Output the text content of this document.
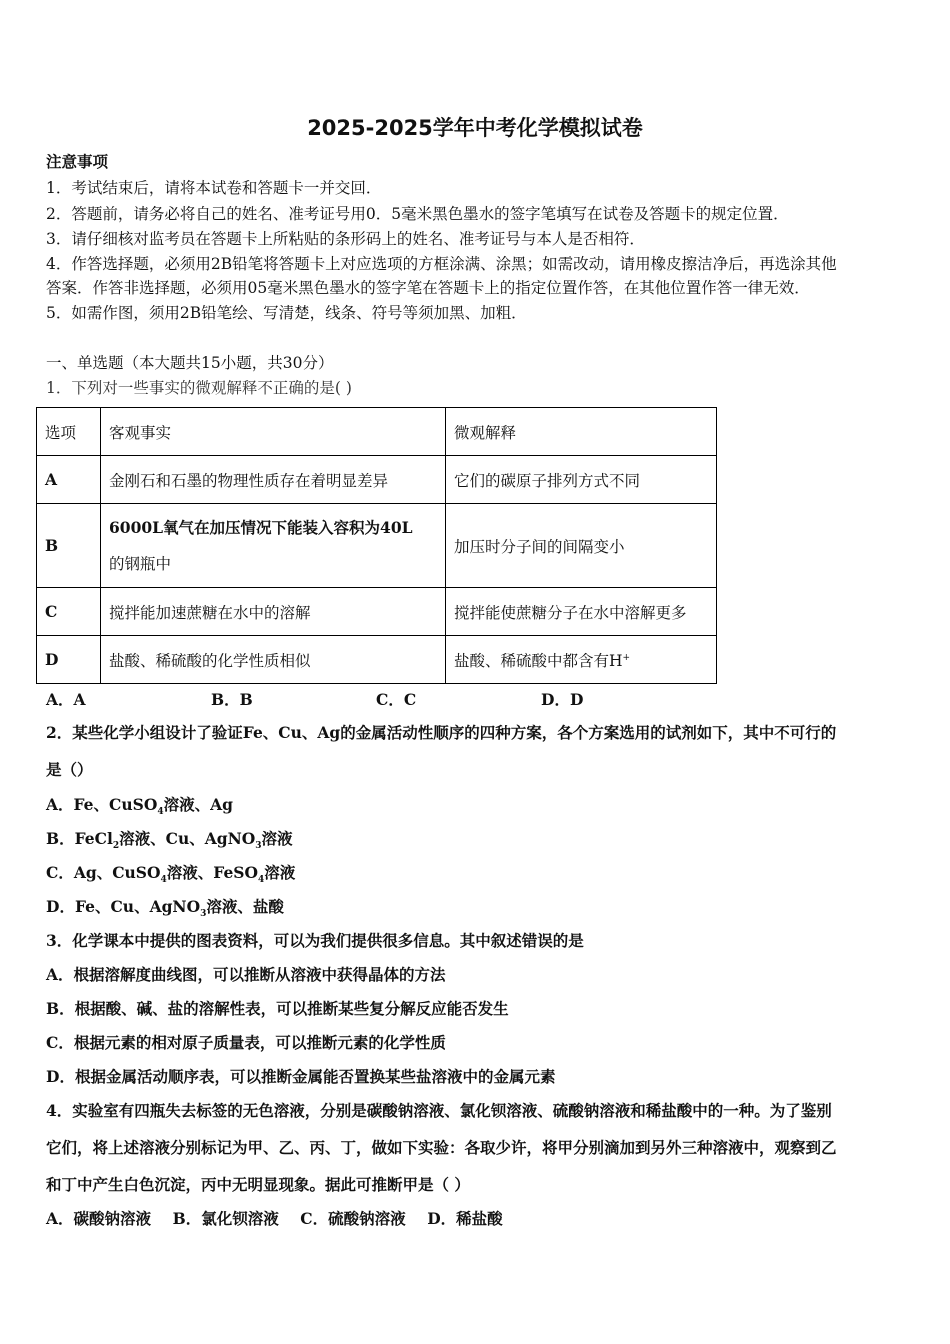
2025-2025学年中考化学模拟试卷
注意事项
1．考试结束后，请将本试卷和答题卡一并交回．
2．答题前，请务必将自己的姓名、准考证号用0．5毫米黑色墨水的签字笔填写在试卷及答题卡的规定位置．
3．请仔细核对监考员在答题卡上所粘贴的条形码上的姓名、准考证号与本人是否相符．
4．作答选择题，必须用2B铅笔将答题卡上对应选项的方框涂满、涂黑；如需改动，请用橡皮擦洁净后，再选涂其他
答案．作答非选择题，必须用05毫米黑色墨水的签字笔在答题卡上的指定位置作答，在其他位置作答一律无效．
5．如需作图，须用2B铅笔绘、写清楚，线条、符号等须加黑、加粗．
一、单选题（本大题共15小题，共30分）
1．下列对一些事实的微观解释不正确的是( )
选项	客观事实	微观解释
A	金刚石和石墨的物理性质存在着明显差异	它们的碳原子排列方式不同
B	6000L氧气在加压情况下能装入容积为40L
的钢瓶中	加压时分子间的间隔变小
C	搅拌能加速蔗糖在水中的溶解	搅拌能使蔗糖分子在水中溶解更多
D	盐酸、稀硫酸的化学性质相似	盐酸、稀硫酸中都含有H+
A．A	B．B	C．C	D．D
2．某些化学小组设计了验证Fe、Cu、Ag的金属活动性顺序的四种方案，各个方案选用的试剂如下，其中不可行的
是（）
A．Fe、CuSO$_4$溶液、Ag
B．FeCl$_2$溶液、Cu、AgNO$_3$溶液
C．Ag、CuSO$_4$溶液、FeSO$_4$溶液
D．Fe、Cu、AgNO$_3$溶液、盐酸
3．化学课本中提供的图表资料，可以为我们提供很多信息。其中叙述错误的是
A．根据溶解度曲线图，可以推断从溶液中获得晶体的方法
B．根据酸、碱、盐的溶解性表，可以推断某些复分解反应能否发生
C．根据元素的相对原子质量表，可以推断元素的化学性质
D．根据金属活动顺序表，可以推断金属能否置换某些盐溶液中的金属元素
4．实验室有四瓶失去标签的无色溶液，分别是碳酸钠溶液、氯化钡溶液、硫酸钠溶液和稀盐酸中的一种。为了鉴别
它们，将上述溶液分别标记为甲、乙、丙、丁，做如下实验：各取少许，将甲分别滴加到另外三种溶液中，观察到乙
和丁中产生白色沉淀，丙中无明显现象。据此可推断甲是（ ）
A．碳酸钠溶液    B．氯化钡溶液    C．硫酸钠溶液    D．稀盐酸
